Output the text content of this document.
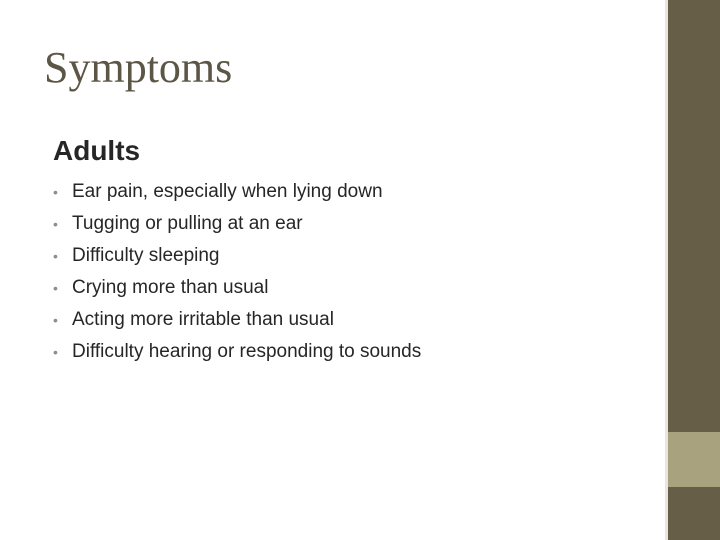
Symptoms
Adults
• Ear pain, especially when lying down
• Tugging or pulling at an ear
• Difficulty sleeping
• Crying more than usual
• Acting more irritable than usual
• Difficulty hearing or responding to sounds
